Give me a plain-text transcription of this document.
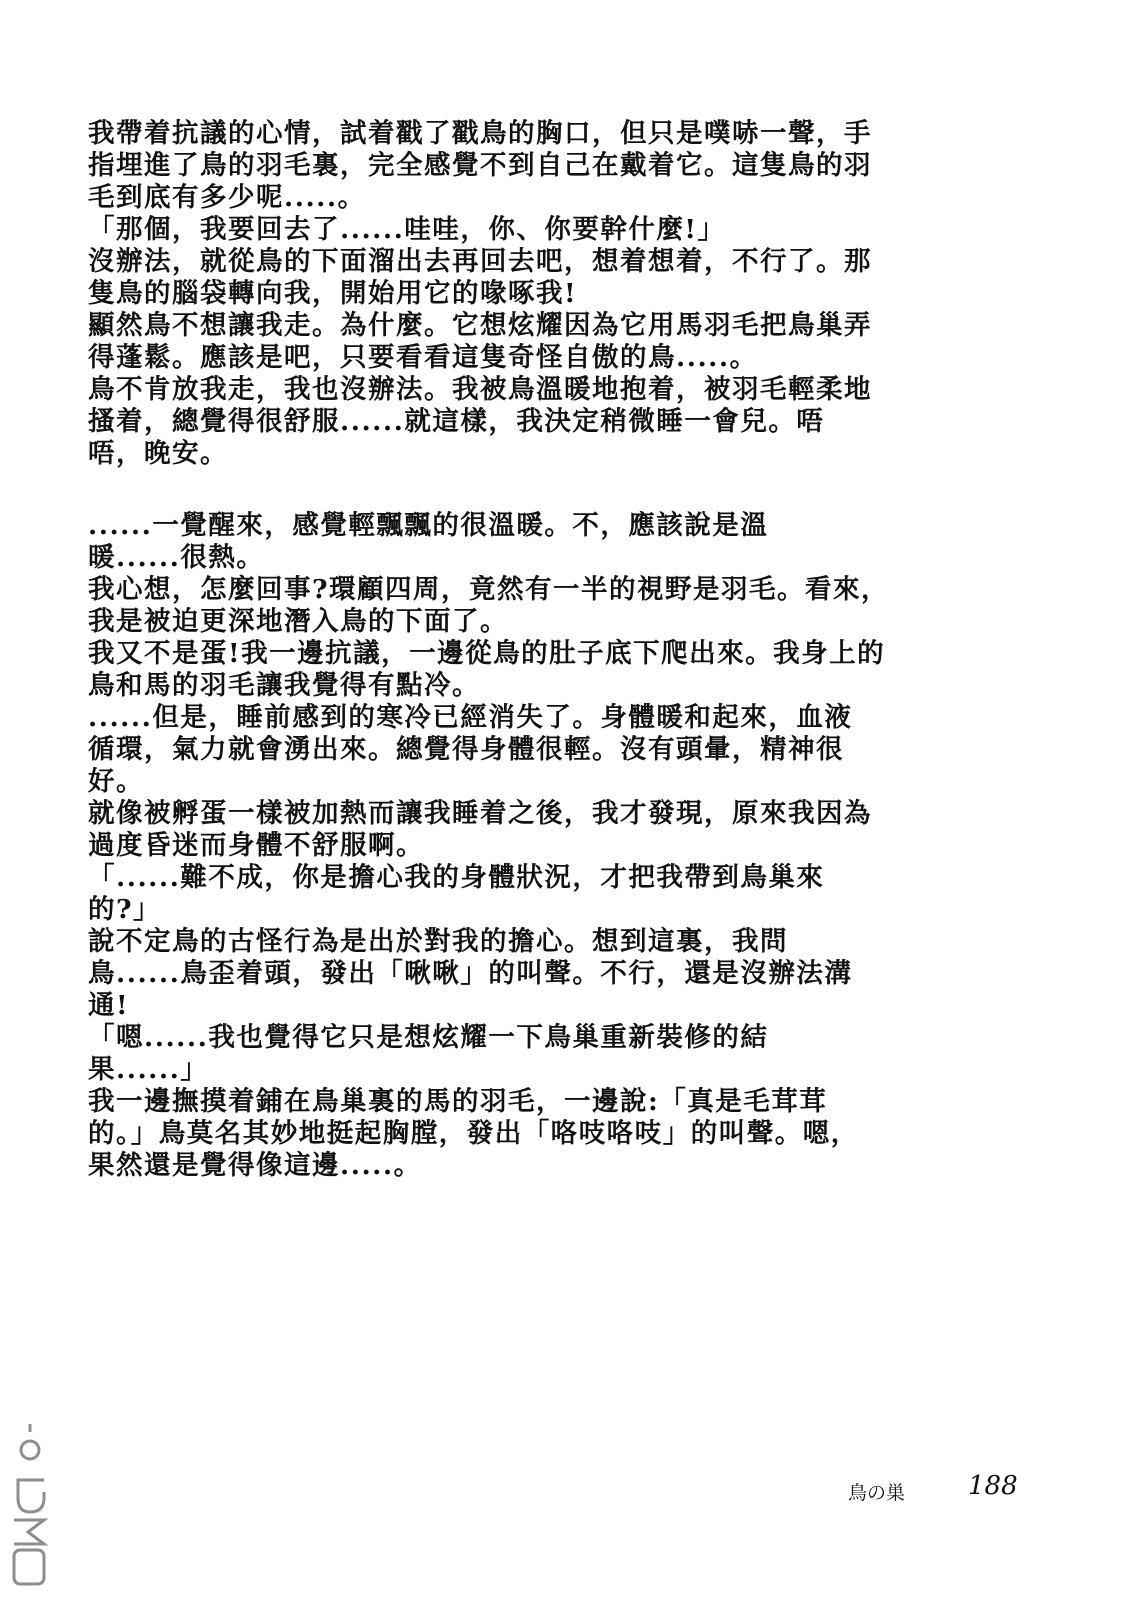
我帶着抗議的心情，試着戳了戳鳥的胸口，但只是噗哧一聲，手
指埋進了鳥的羽毛裏，完全感覺不到自己在戴着它。這隻鳥的羽
毛到底有多少呢.....。
「那個，我要回去了......哇哇，你、你要幹什麼!」
沒辦法，就從鳥的下面溜出去再回去吧，想着想着，不行了。那
隻鳥的腦袋轉向我，開始用它的喙啄我!
顯然鳥不想讓我走。為什麼。它想炫耀因為它用馬羽毛把鳥巢弄
得蓬鬆。應該是吧，只要看看這隻奇怪自傲的鳥.....。
鳥不肯放我走，我也沒辦法。我被鳥溫暖地抱着，被羽毛輕柔地
搔着，總覺得很舒服......就這樣，我決定稍微睡一會兒。唔
唔，晚安。
......一覺醒來，感覺輕飄飄的很溫暖。不，應該說是溫
暖......很熱。
我心想，怎麼回事?環顧四周，竟然有一半的視野是羽毛。看來，
我是被迫更深地潛入鳥的下面了。
我又不是蛋!我一邊抗議，一邊從鳥的肚子底下爬出來。我身上的
鳥和馬的羽毛讓我覺得有點冷。
......但是，睡前感到的寒冷已經消失了。身體暖和起來，血液
循環，氣力就會湧出來。總覺得身體很輕。沒有頭暈，精神很
好。
就像被孵蛋一樣被加熱而讓我睡着之後，我才發現，原來我因為
過度昏迷而身體不舒服啊。
「......難不成，你是擔心我的身體狀況，才把我帶到鳥巢來
的?」
說不定鳥的古怪行為是出於對我的擔心。想到這裏，我問
鳥......鳥歪着頭，發出「啾啾」的叫聲。不行，還是沒辦法溝
通!
「嗯......我也覺得它只是想炫耀一下鳥巢重新裝修的結
果......」
我一邊撫摸着鋪在鳥巢裏的馬的羽毛，一邊說:「真是毛茸茸
的。」鳥莫名其妙地挺起胸膛，發出「咯吱咯吱」的叫聲。嗯，
果然還是覺得像這邊.....。
鳥の巣 188
